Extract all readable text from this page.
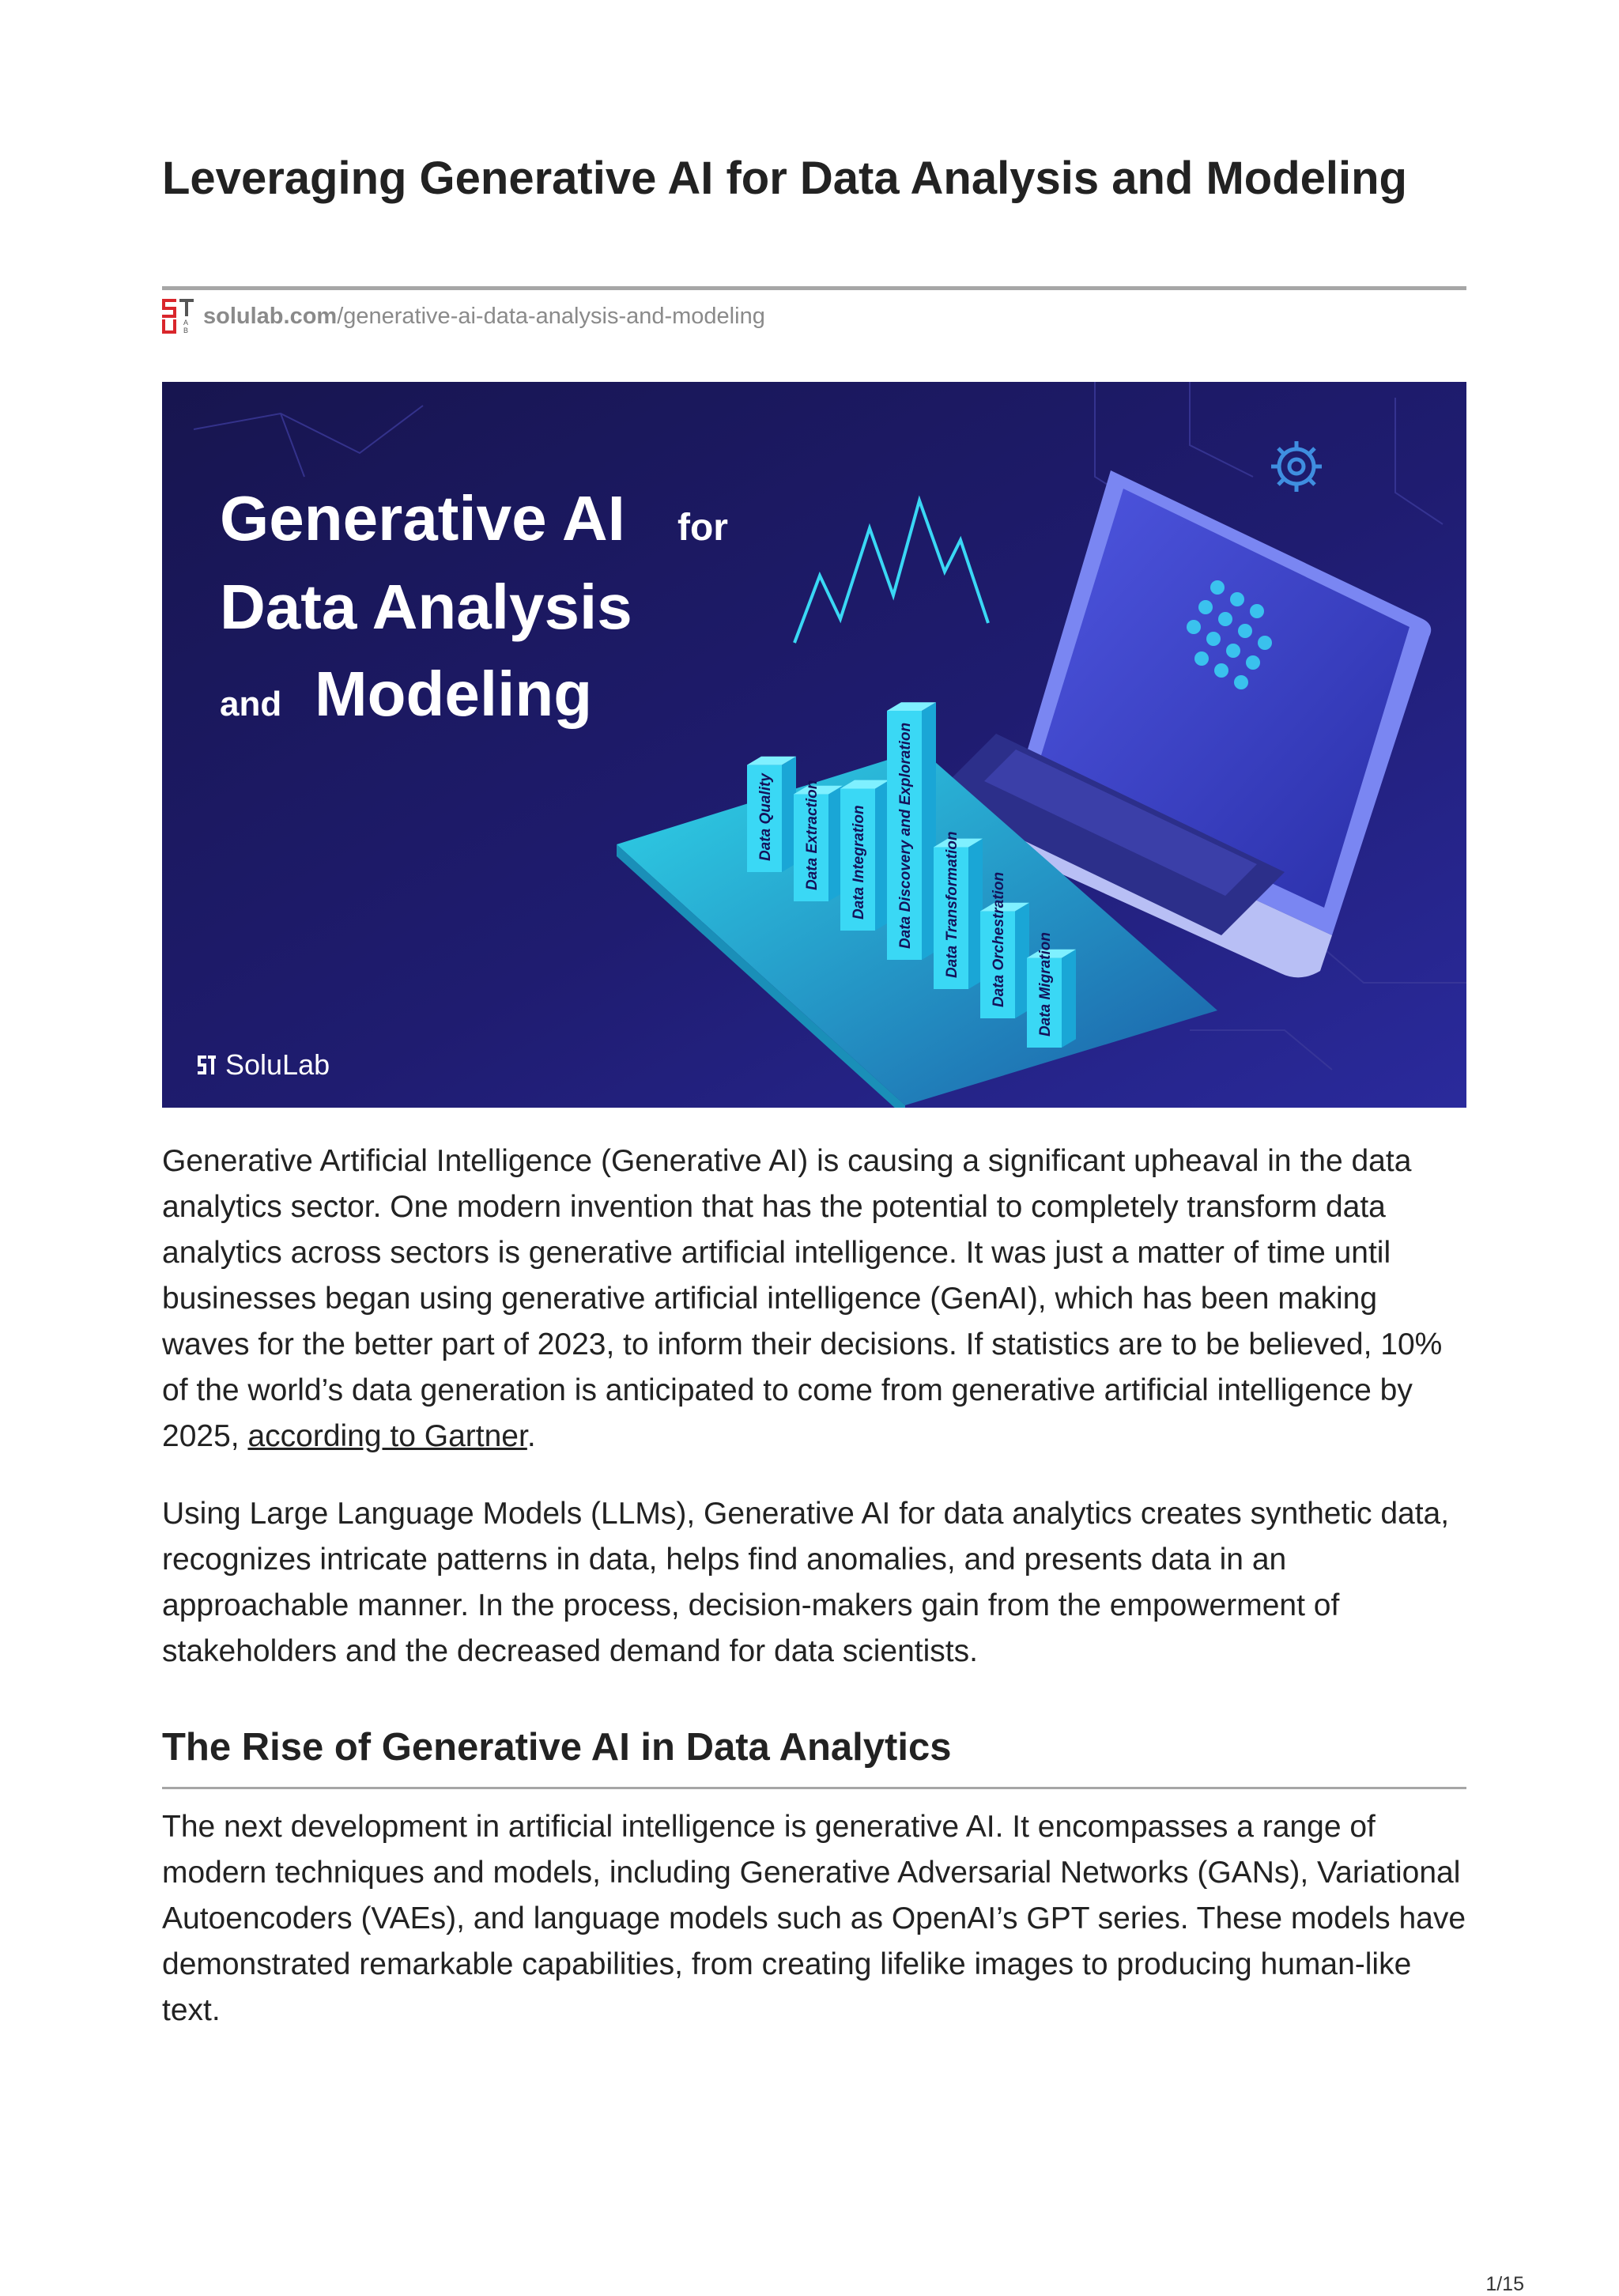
Leveraging Generative AI for Data Analysis and Modeling
A
B
solulab.com /generative-ai-data-analysis-and-modeling
Generative AI for
Data Analysis
and Modeling
Data Quality Data Extraction Data Integration Data Discovery and Exploration Data Transformation Data Orchestration Data Migration
SoluLab

Generative Artificial Intelligence (Generative AI) is causing a significant upheaval in the data analytics sector. One modern invention that has the potential to completely transform data analytics across sectors is generative artificial intelligence. It was just a matter of time until businesses began using generative artificial intelligence (GenAI), which has been making waves for the better part of 2023, to inform their decisions. If statistics are to be believed, 10% of the world’s data generation is anticipated to come from generative artificial intelligence by 2025, according to Gartner.

Using Large Language Models (LLMs), Generative AI for data analytics creates synthetic data, recognizes intricate patterns in data, helps find anomalies, and presents data in an approachable manner. In the process, decision-makers gain from the empowerment of stakeholders and the decreased demand for data scientists.

The Rise of Generative AI in Data Analytics

The next development in artificial intelligence is generative AI. It encompasses a range of modern techniques and models, including Generative Adversarial Networks (GANs), Variational Autoencoders (VAEs), and language models such as OpenAI’s GPT series. These models have demonstrated remarkable capabilities, from creating lifelike images to producing human-like text.

1/15
